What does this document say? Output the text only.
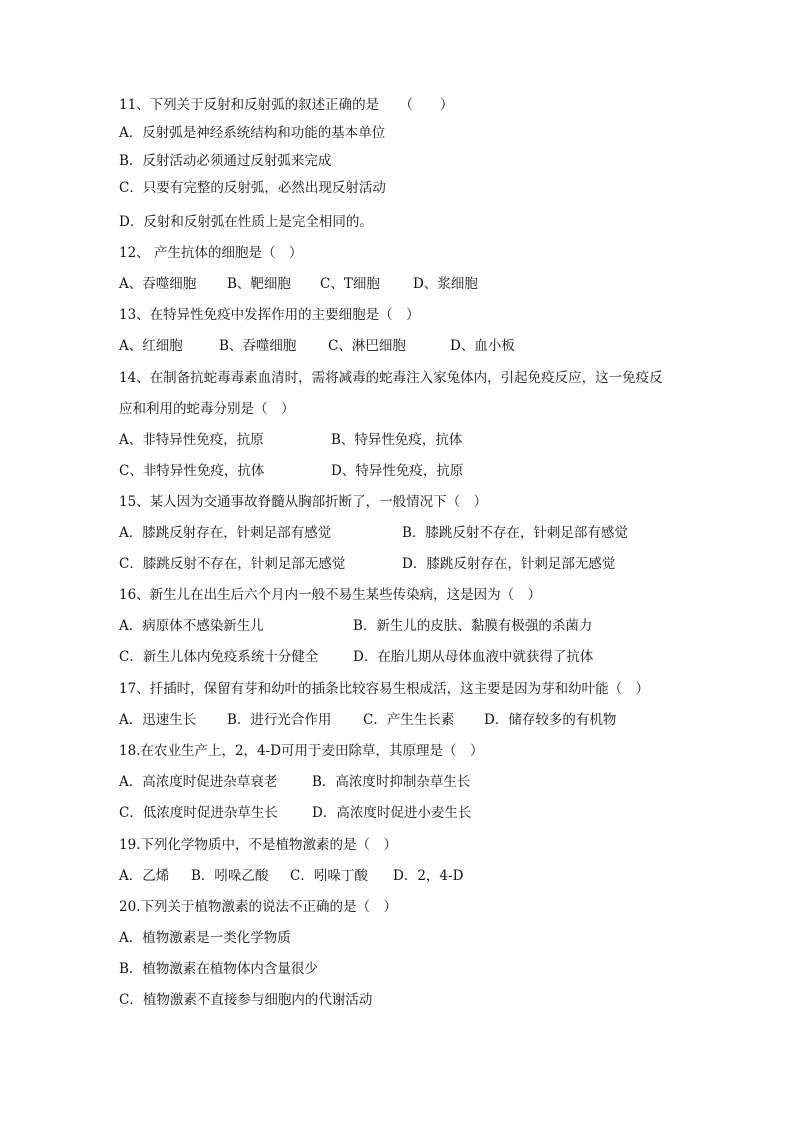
11、下列关于反射和反射弧的叙述正确的是　　（　　）
A．反射弧是神经系统结构和功能的基本单位
B．反射活动必须通过反射弧来完成
C．只要有完整的反射弧，必然出现反射活动
D．反射和反射弧在性质上是完全相同的。
12、 产生抗体的细胞是（　）
A、吞噬细胞 B、靶细胞 C、T细胞 D、浆细胞
13、在特异性免疫中发挥作用的主要细胞是（　）
A、红细胞	B、吞噬细胞 C、淋巴细胞	D、血小板
14、在制备抗蛇毒毒素血清时，需将减毒的蛇毒注入家兔体内，引起免疫反应，这一免疫反
应和利用的蛇毒分别是（　）
A、非特异性免疫，抗原	B、特异性免疫，抗体
C、非特异性免疫，抗体	D、特异性免疫，抗原
15、某人因为交通事故脊髓从胸部折断了，一般情况下（　）
A．膝跳反射存在，针刺足部有感觉	B．膝跳反射不存在，针刺足部有感觉
C．膝跳反射不存在，针刺足部无感觉	D．膝跳反射存在，针刺足部无感觉
16、新生儿在出生后六个月内一般不易生某些传染病，这是因为（　）
A．病原体不感染新生儿	B．新生儿的皮肤、黏膜有极强的杀菌力
C．新生儿体内免疫系统十分健全	D．在胎儿期从母体血液中就获得了抗体
17、扦插时，保留有芽和幼叶的插条比较容易生根成活，这主要是因为芽和幼叶能（　）
A．迅速生长 B．进行光合作用 C．产生生长素 D．储存较多的有机物
18.在农业生产上，2，4-D可用于麦田除草，其原理是（　）
A．高浓度时促进杂草衰老	B．高浓度时抑制杂草生长
C．低浓度时促进杂草生长	D．高浓度时促进小麦生长
19.下列化学物质中，不是植物激素的是（　）
A．乙烯 B．吲哚乙酸 C．吲哚丁酸 D．2，4-D
20.下列关于植物激素的说法不正确的是（　）
A．植物激素是一类化学物质
B．植物激素在植物体内含量很少
C．植物激素不直接参与细胞内的代谢活动
